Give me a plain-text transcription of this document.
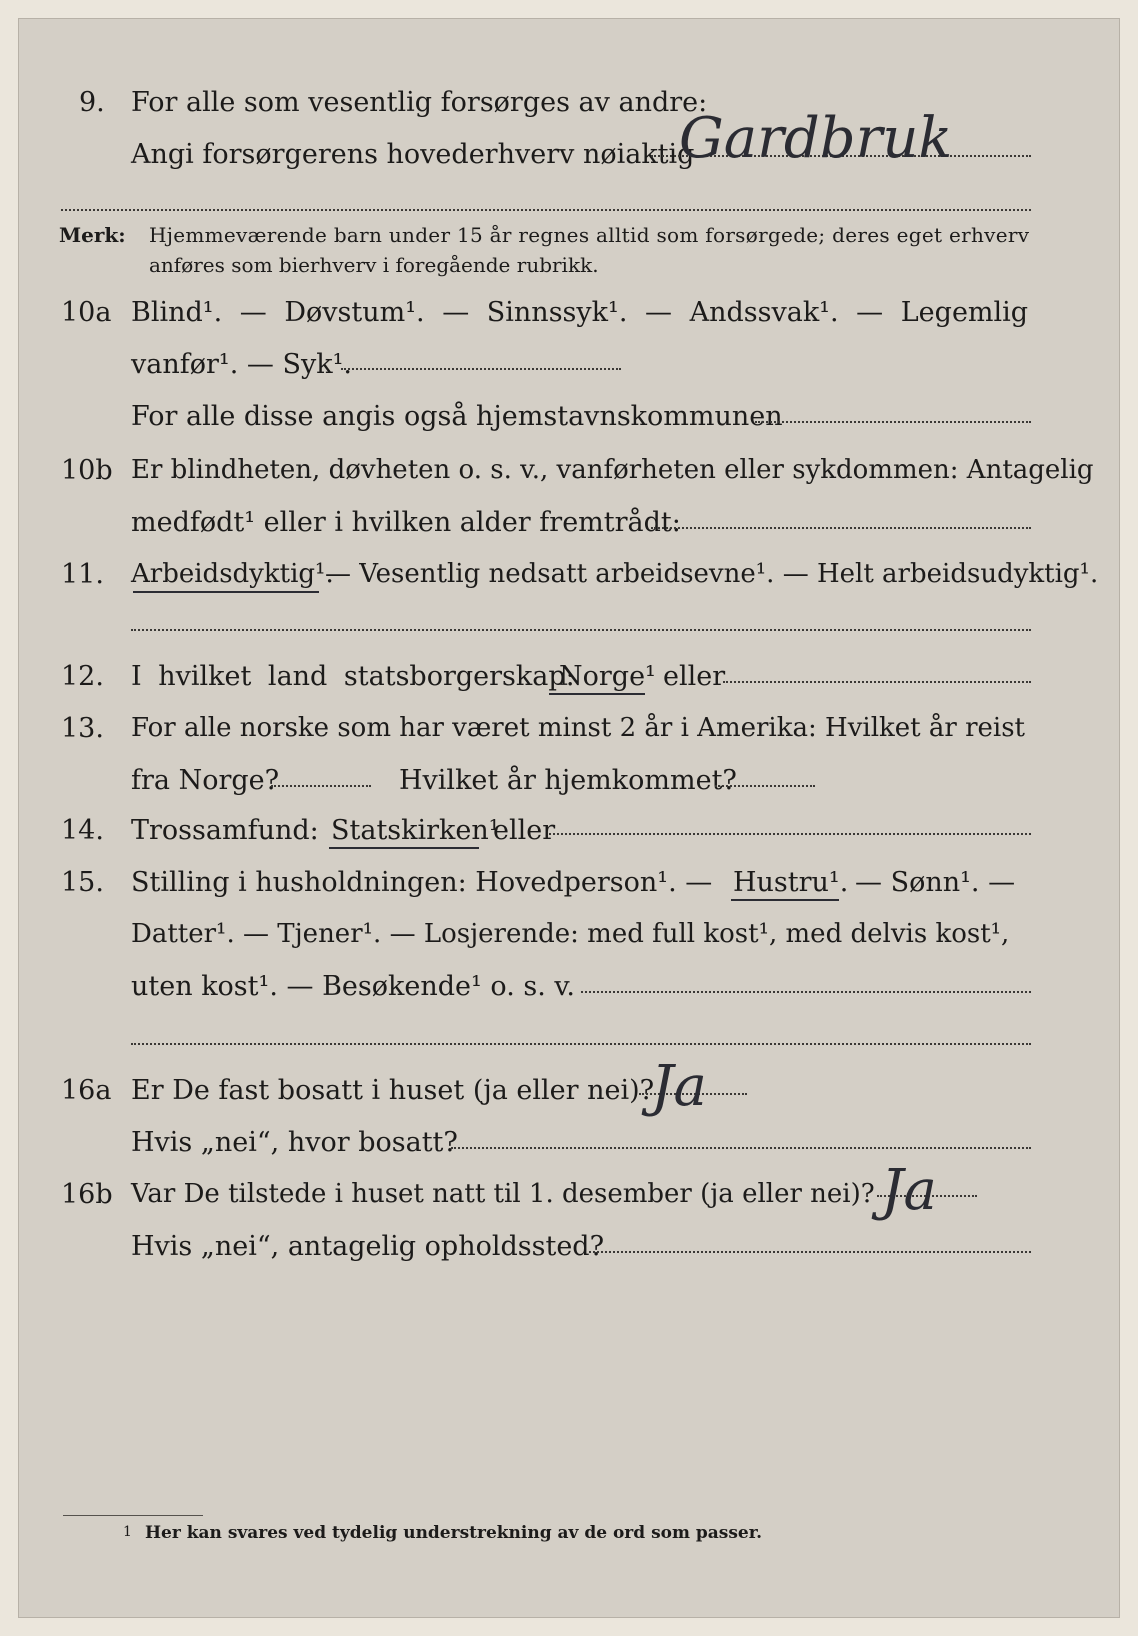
9. For alle som vesentlig forsørges av andre:
Angi forsørgerens hovederhverv nøiaktig
Gardbruk
Merk: Hjemmeværende barn under 15 år regnes alltid som forsørgede; deres eget erhverv
anføres som bierhverv i foregående rubrikk.
10a Blind¹. — Døvstum¹. — Sinnssyk¹. — Andssvak¹. — Legemlig
vanfør¹. — Syk¹.
For alle disse angis også hjemstavnskommunen
10b Er blindheten, døvheten o. s. v., vanførheten eller sykdommen: Antagelig
medfødt¹ eller i hvilken alder fremtrådt:
11. Arbeidsdyktig¹.
— Vesentlig nedsatt arbeidsevne¹. — Helt arbeidsudyktig¹.
12. I hvilket land statsborgerskap:
Norge¹ eller
13. For alle norske som har været minst 2 år i Amerika: Hvilket år reist
fra Norge?	Hvilket år hjemkommet?
14. Trossamfund: Statskirken¹
eller
15. Stilling i husholdningen: Hovedperson¹. — Hustru¹. — Sønn¹. —
Datter¹. — Tjener¹. — Losjerende: med full kost¹, med delvis kost¹,
uten kost¹. — Besøkende¹ o. s. v.
16a Er De fast bosatt i huset (ja eller nei)?
Ja
Hvis „nei“, hvor bosatt?
16b Var De tilstede i huset natt til 1. desember (ja eller nei)? Ja
Hvis „nei“, antagelig opholdssted?
1 Her kan svares ved tydelig understrekning av de ord som passer.
